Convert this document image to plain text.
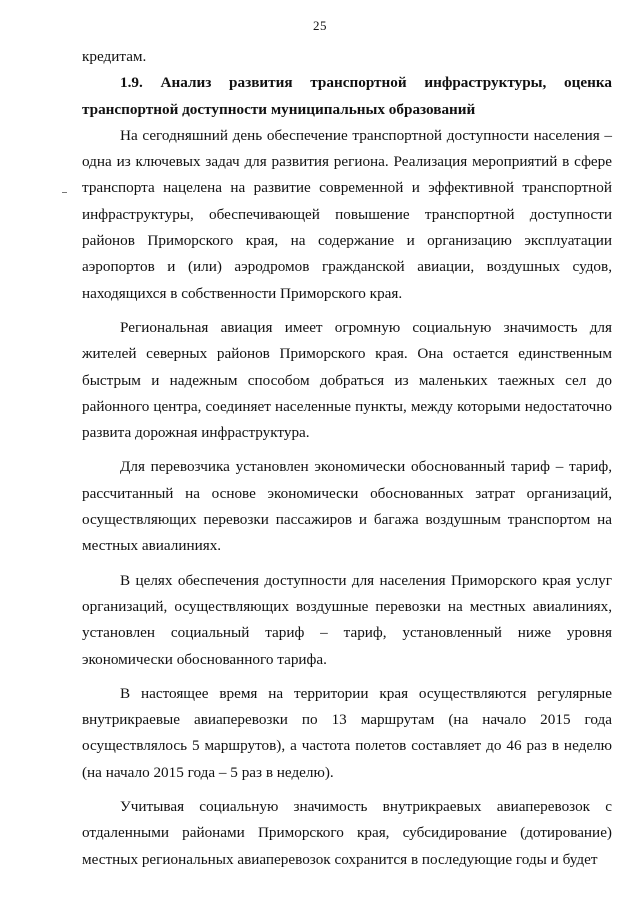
25

кредитам.

1.9. Анализ развития транспортной инфраструктуры, оценка транспортной доступности муниципальных образований

На сегодняшний день обеспечение транспортной доступности населения – одна из ключевых задач для развития региона. Реализация мероприятий в сфере транспорта нацелена на развитие современной и эффективной транспортной инфраструктуры, обеспечивающей повышение транспортной доступности районов Приморского края, на содержание и организацию эксплуатации аэропортов и (или) аэродромов гражданской авиации, воздушных судов, находящихся в собственности Приморского края.

Региональная авиация имеет огромную социальную значимость для жителей северных районов Приморского края. Она остается единственным быстрым и надежным способом добраться из маленьких таежных сел до районного центра, соединяет населенные пункты, между которыми недостаточно развита дорожная инфраструктура.

Для перевозчика установлен экономически обоснованный тариф – тариф, рассчитанный на основе экономически обоснованных затрат организаций, осуществляющих перевозки пассажиров и багажа воздушным транспортом на местных авиалиниях.

В целях обеспечения доступности для населения Приморского края услуг организаций, осуществляющих воздушные перевозки на местных авиалиниях, установлен социальный тариф – тариф, установленный ниже уровня экономически обоснованного тарифа.

В настоящее время на территории края осуществляются регулярные внутрикраевые авиаперевозки по 13 маршрутам (на начало 2015 года осуществлялось 5 маршрутов), а частота полетов составляет до 46 раз в неделю (на начало 2015 года – 5 раз в неделю).

Учитывая социальную значимость внутрикраевых авиаперевозок с отдаленными районами Приморского края, субсидирование (дотирование) местных региональных авиаперевозок сохранится в последующие годы и будет
